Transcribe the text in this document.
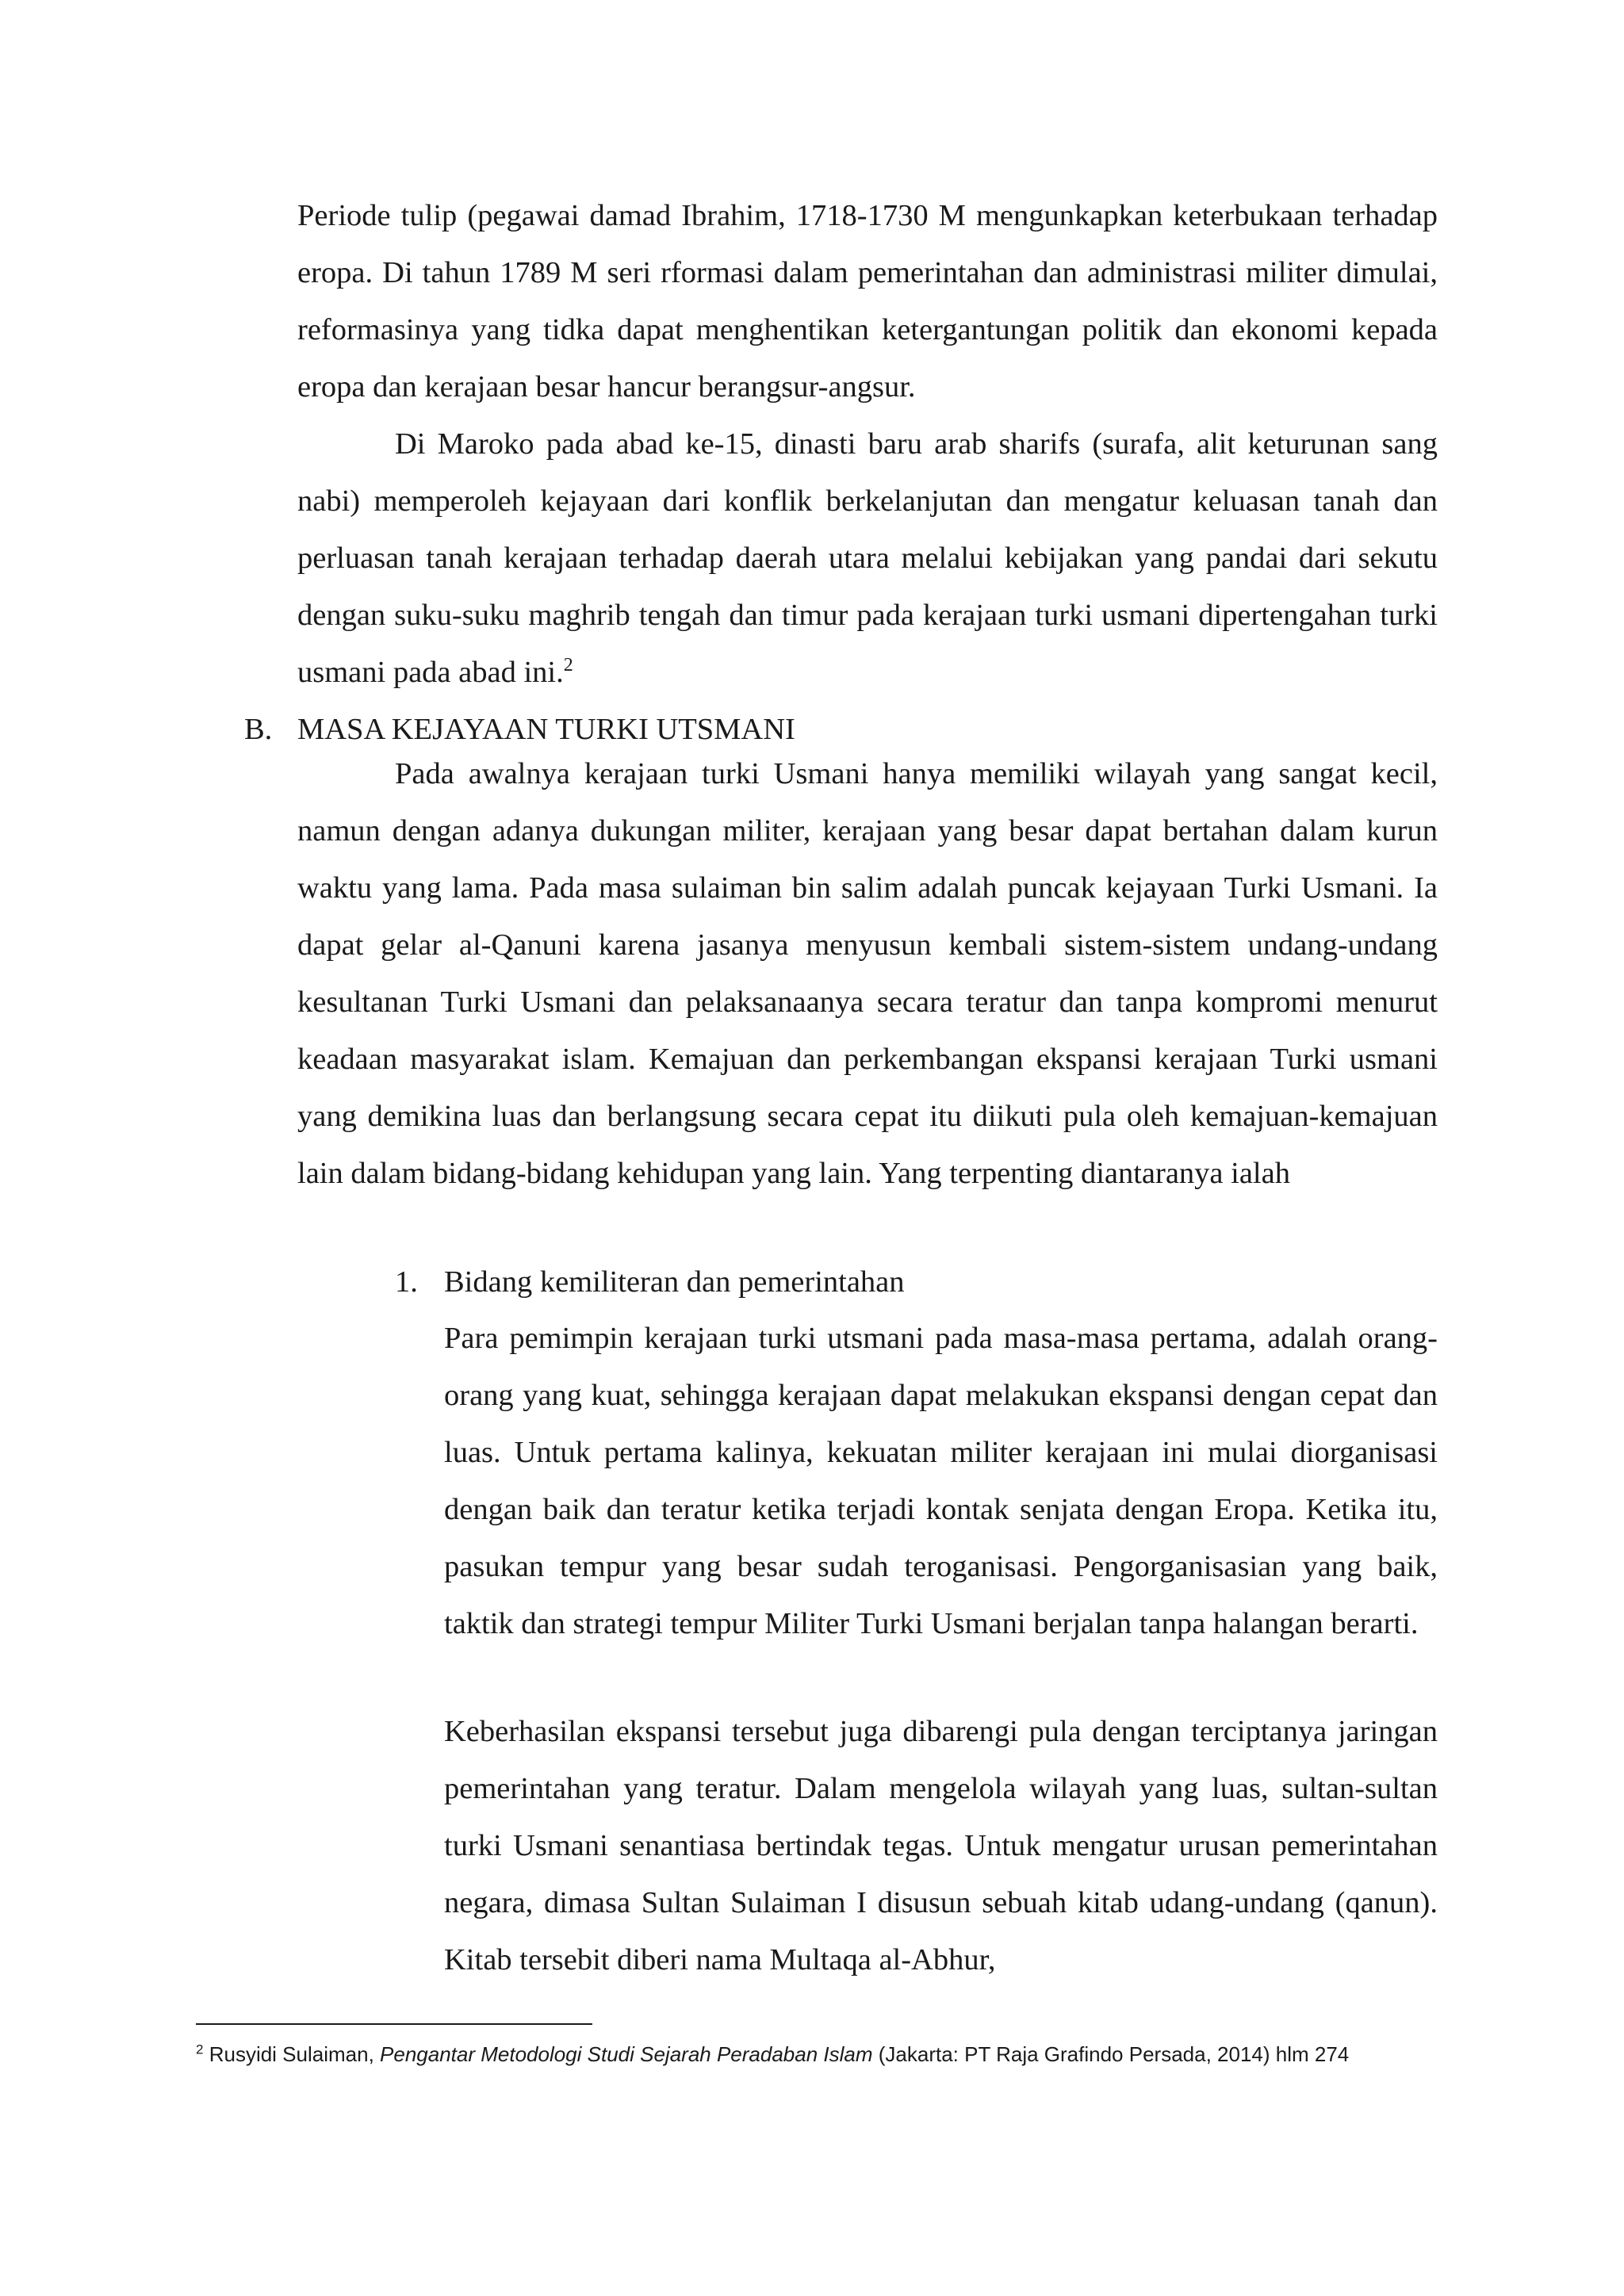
Periode tulip (pegawai damad Ibrahim, 1718-1730 M mengunkapkan keterbukaan terhadap eropa. Di tahun 1789 M seri rformasi dalam pemerintahan dan administrasi militer dimulai, reformasinya yang tidka dapat menghentikan ketergantungan politik dan ekonomi kepada eropa dan kerajaan besar hancur berangsur-angsur.

Di Maroko pada abad ke-15, dinasti baru arab sharifs (surafa, alit keturunan sang nabi) memperoleh kejayaan dari konflik berkelanjutan dan mengatur keluasan tanah dan perluasan tanah kerajaan terhadap daerah utara melalui kebijakan yang pandai dari sekutu dengan suku-suku maghrib tengah dan timur pada kerajaan turki usmani dipertengahan turki usmani pada abad ini.$^2$

B. MASA KEJAYAAN TURKI UTSMANI

Pada awalnya kerajaan turki Usmani hanya memiliki wilayah yang sangat kecil, namun dengan adanya dukungan militer, kerajaan yang besar dapat bertahan dalam kurun waktu yang lama. Pada masa sulaiman bin salim adalah puncak kejayaan Turki Usmani. Ia dapat gelar al-Qanuni karena jasanya menyusun kembali sistem-sistem undang-undang kesultanan Turki Usmani dan pelaksanaanya secara teratur dan tanpa kompromi menurut keadaan masyarakat islam. Kemajuan dan perkembangan ekspansi kerajaan Turki usmani yang demikina luas dan berlangsung secara cepat itu diikuti pula oleh kemajuan-kemajuan lain dalam bidang-bidang kehidupan yang lain. Yang terpenting diantaranya ialah

1. Bidang kemiliteran dan pemerintahan

Para pemimpin kerajaan turki utsmani pada masa-masa pertama, adalah orang-orang yang kuat, sehingga kerajaan dapat melakukan ekspansi dengan cepat dan luas. Untuk pertama kalinya, kekuatan militer kerajaan ini mulai diorganisasi dengan baik dan teratur ketika terjadi kontak senjata dengan Eropa. Ketika itu, pasukan tempur yang besar sudah teroganisasi. Pengorganisasian yang baik, taktik dan strategi tempur Militer Turki Usmani berjalan tanpa halangan berarti.

Keberhasilan ekspansi tersebut juga dibarengi pula dengan terciptanya jaringan pemerintahan yang teratur. Dalam mengelola wilayah yang luas, sultan-sultan turki Usmani senantiasa bertindak tegas. Untuk mengatur urusan pemerintahan negara, dimasa Sultan Sulaiman I disusun sebuah kitab udang-undang (qanun). Kitab tersebit diberi nama Multaqa al-Abhur,

$^2$ Rusyidi Sulaiman, Pengantar Metodologi Studi Sejarah Peradaban Islam (Jakarta: PT Raja Grafindo Persada, 2014) hlm 274
